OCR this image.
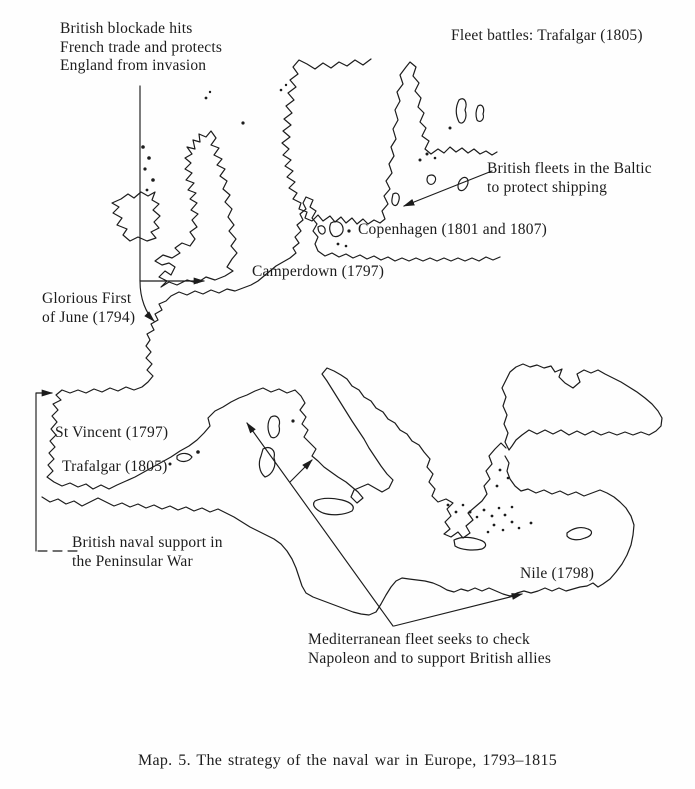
British blockade hits
French trade and protects
England from invasion
Fleet battles: Trafalgar (1805)
British fleets in the Baltic
to protect shipping
Copenhagen (1801 and 1807)
Camperdown (1797)
Glorious First
of June (1794)
St Vincent (1797)
Trafalgar (1805)
British naval support in
the Peninsular War
Nile (1798)
Mediterranean fleet seeks to check
Napoleon and to support British allies
Map. 5. The strategy of the naval war in Europe, 1793–1815
